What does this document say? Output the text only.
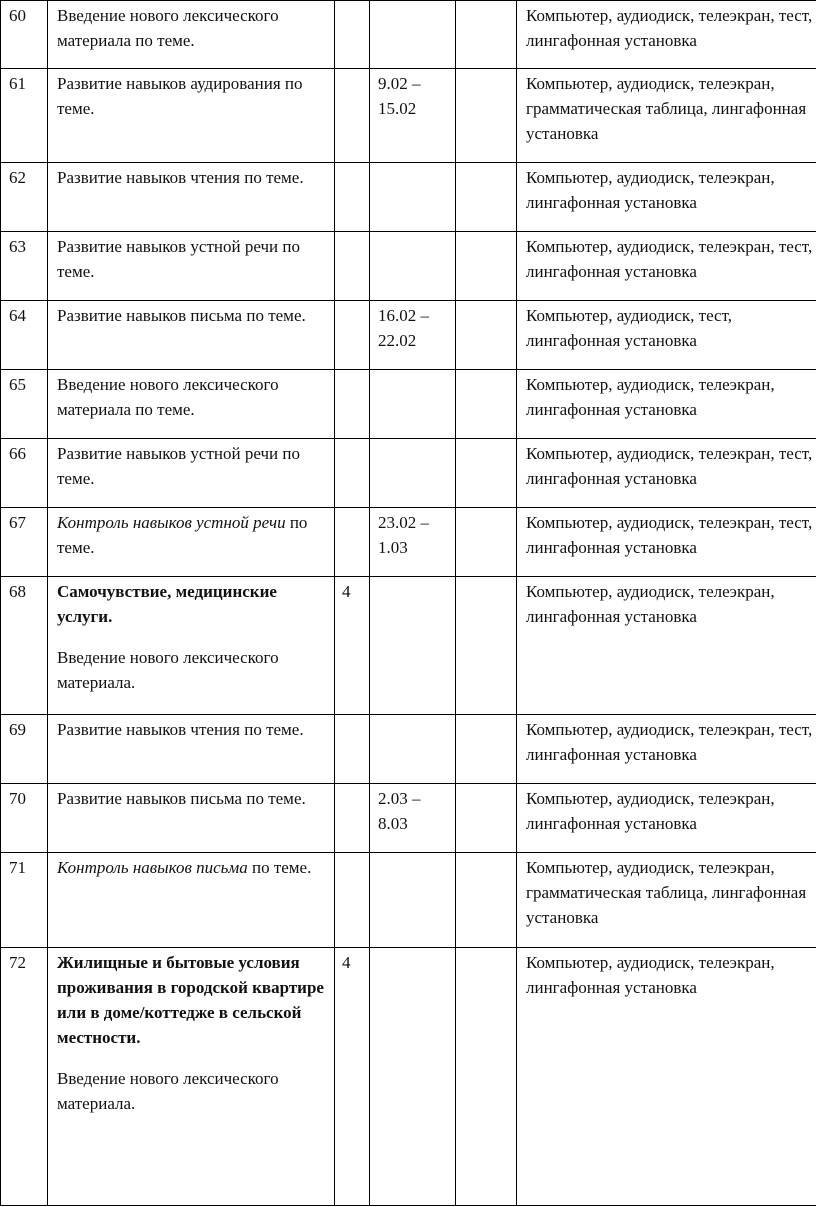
60	Введение нового лексического материала по теме.				Компьютер, аудиодиск, телеэкран, тест, лингафонная установка
61	Развитие навыков аудирования по теме.		9.02 – 15.02		Компьютер, аудиодиск, телеэкран, грамматическая таблица, лингафонная установка
62	Развитие навыков чтения по теме.				Компьютер, аудиодиск, телеэкран, лингафонная установка
63	Развитие навыков устной речи по теме.				Компьютер, аудиодиск, телеэкран, тест, лингафонная установка
64	Развитие навыков письма по теме.		16.02 – 22.02		Компьютер, аудиодиск, тест, лингафонная установка
65	Введение нового лексического материала по теме.				Компьютер, аудиодиск, телеэкран, лингафонная установка
66	Развитие навыков устной речи по теме.				Компьютер, аудиодиск, телеэкран, тест, лингафонная установка
67	Контроль навыков устной речи по теме.		23.02 – 1.03		Компьютер, аудиодиск, телеэкран, тест, лингафонная установка
68	Самочувствие, медицинские услуги.
Введение нового лексического материала.	4			Компьютер, аудиодиск, телеэкран, лингафонная установка
69	Развитие навыков чтения по теме.				Компьютер, аудиодиск, телеэкран, тест, лингафонная установка
70	Развитие навыков письма по теме.		2.03 – 8.03		Компьютер, аудиодиск, телеэкран, лингафонная установка
71	Контроль навыков письма по теме.				Компьютер, аудиодиск, телеэкран, грамматическая таблица, лингафонная установка
72	Жилищные и бытовые условия проживания в городской квартире или в доме/коттедже в сельской местности.
Введение нового лексического материала.	4			Компьютер, аудиодиск, телеэкран, лингафонная установка
